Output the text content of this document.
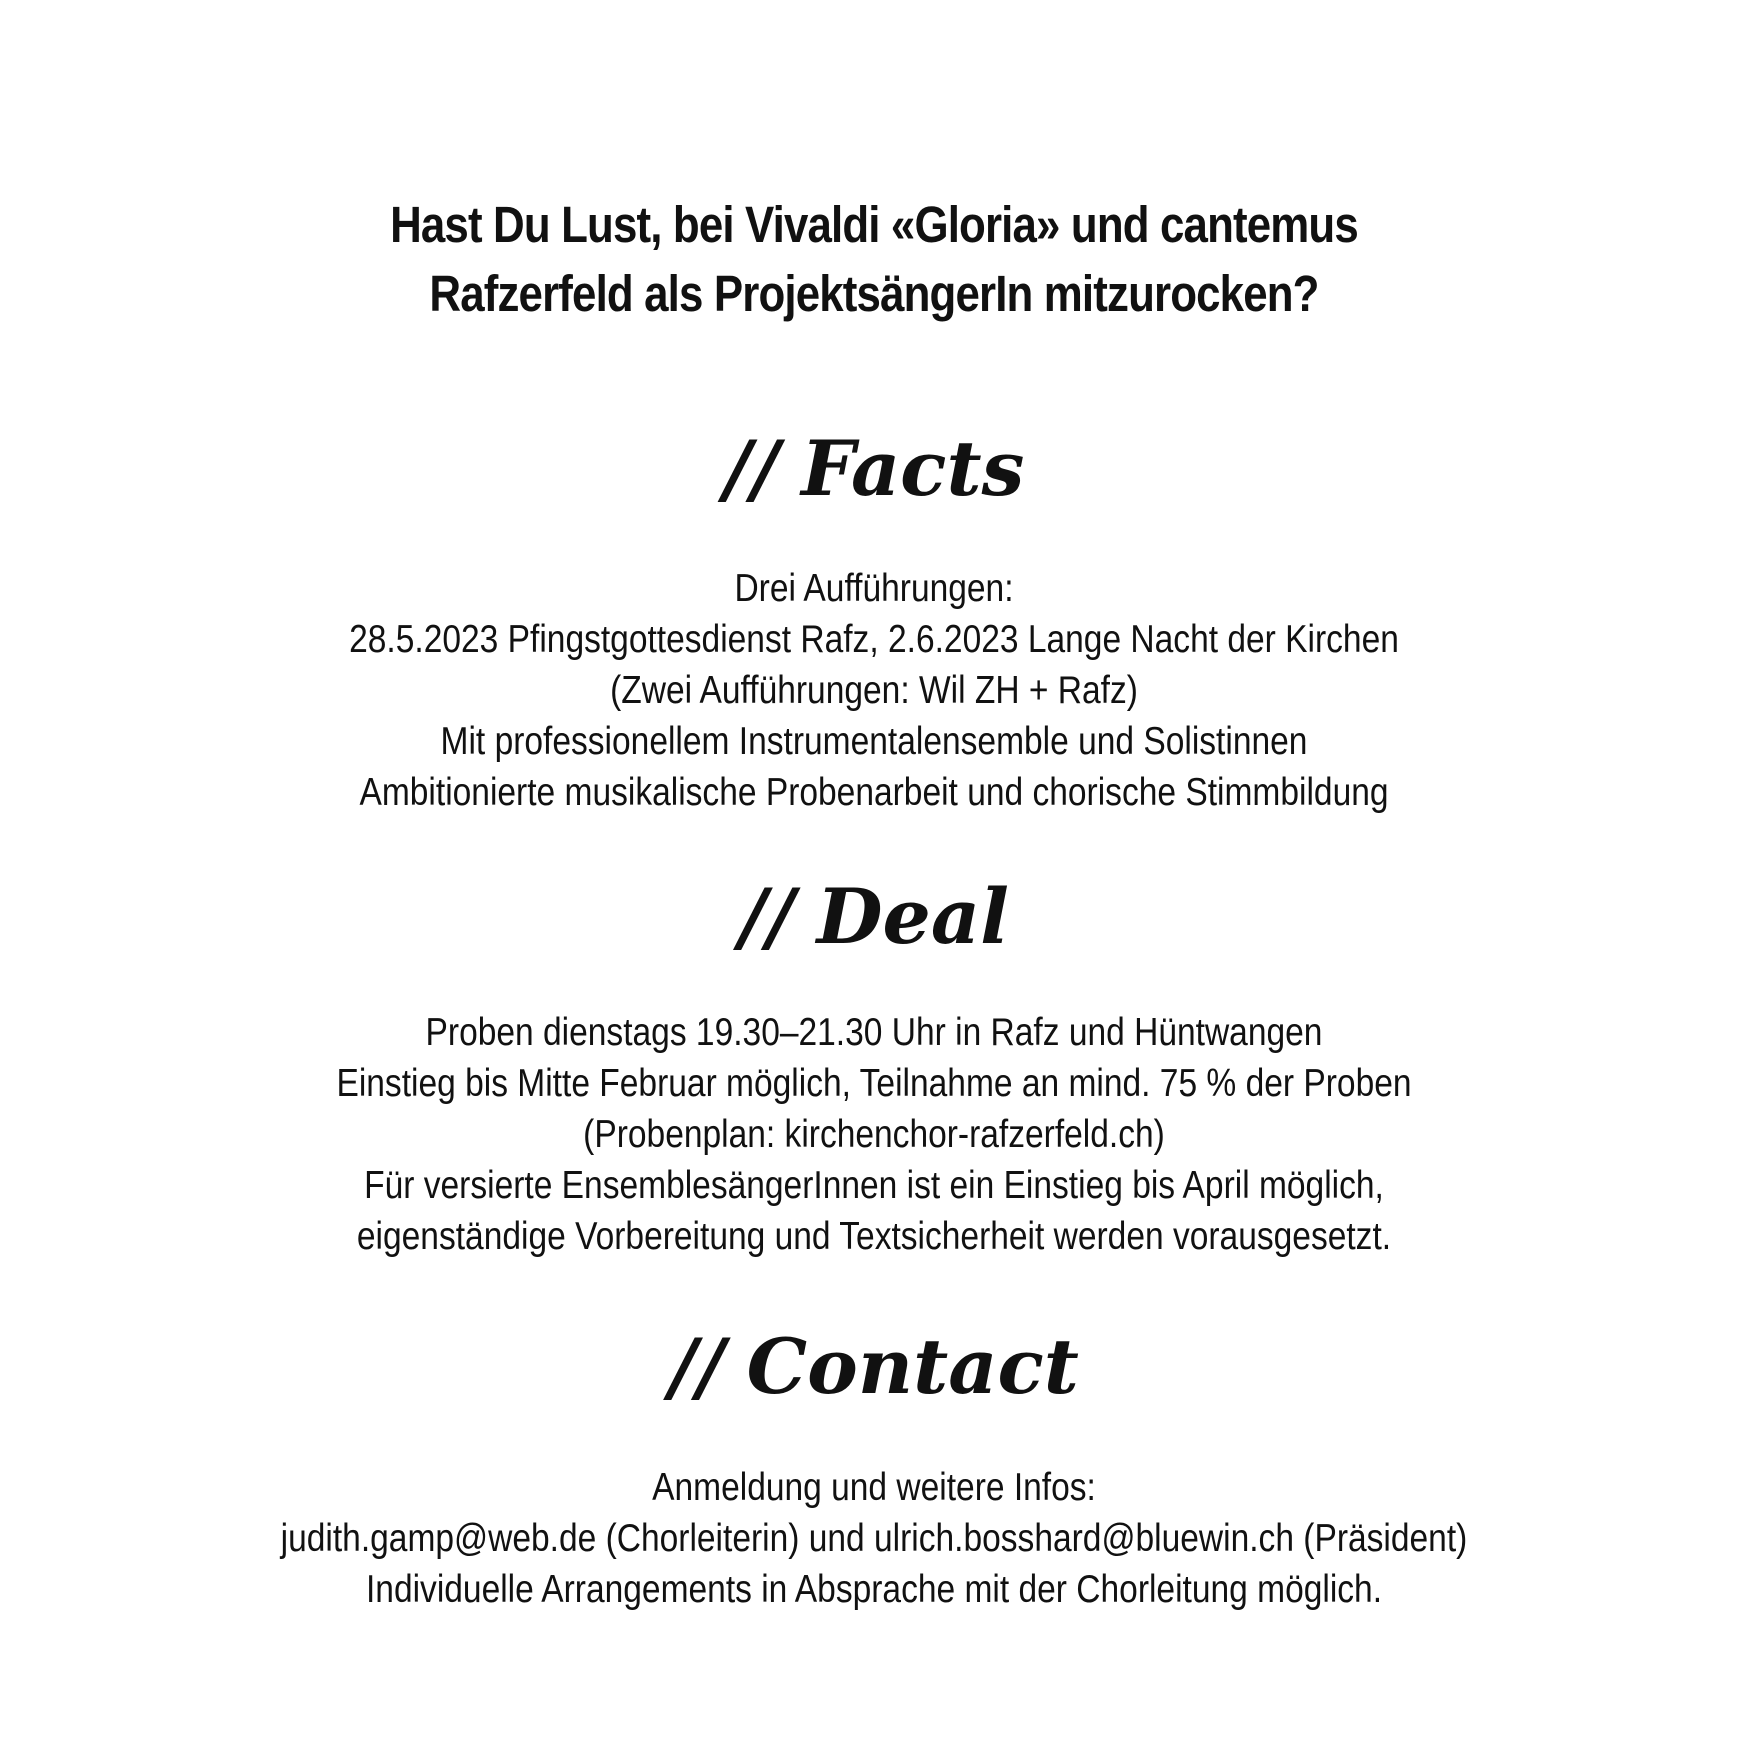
Hast Du Lust, bei Vivaldi «Gloria» und cantemus
Rafzerfeld als ProjektsängerIn mitzurocken?
// Facts
Drei Aufführungen:
28.5.2023 Pfingstgottesdienst Rafz, 2.6.2023 Lange Nacht der Kirchen
(Zwei Aufführungen: Wil ZH + Rafz)
Mit professionellem Instrumentalensemble und Solistinnen
Ambitionierte musikalische Probenarbeit und chorische Stimmbildung
// Deal
Proben dienstags 19.30–21.30 Uhr in Rafz und Hüntwangen
Einstieg bis Mitte Februar möglich, Teilnahme an mind. 75 % der Proben
(Probenplan: kirchenchor-rafzerfeld.ch)
Für versierte EnsemblesängerInnen ist ein Einstieg bis April möglich,
eigenständige Vorbereitung und Textsicherheit werden vorausgesetzt.
// Contact
Anmeldung und weitere Infos:
judith.gamp@web.de (Chorleiterin) und ulrich.bosshard@bluewin.ch (Präsident)
Individuelle Arrangements in Absprache mit der Chorleitung möglich.
